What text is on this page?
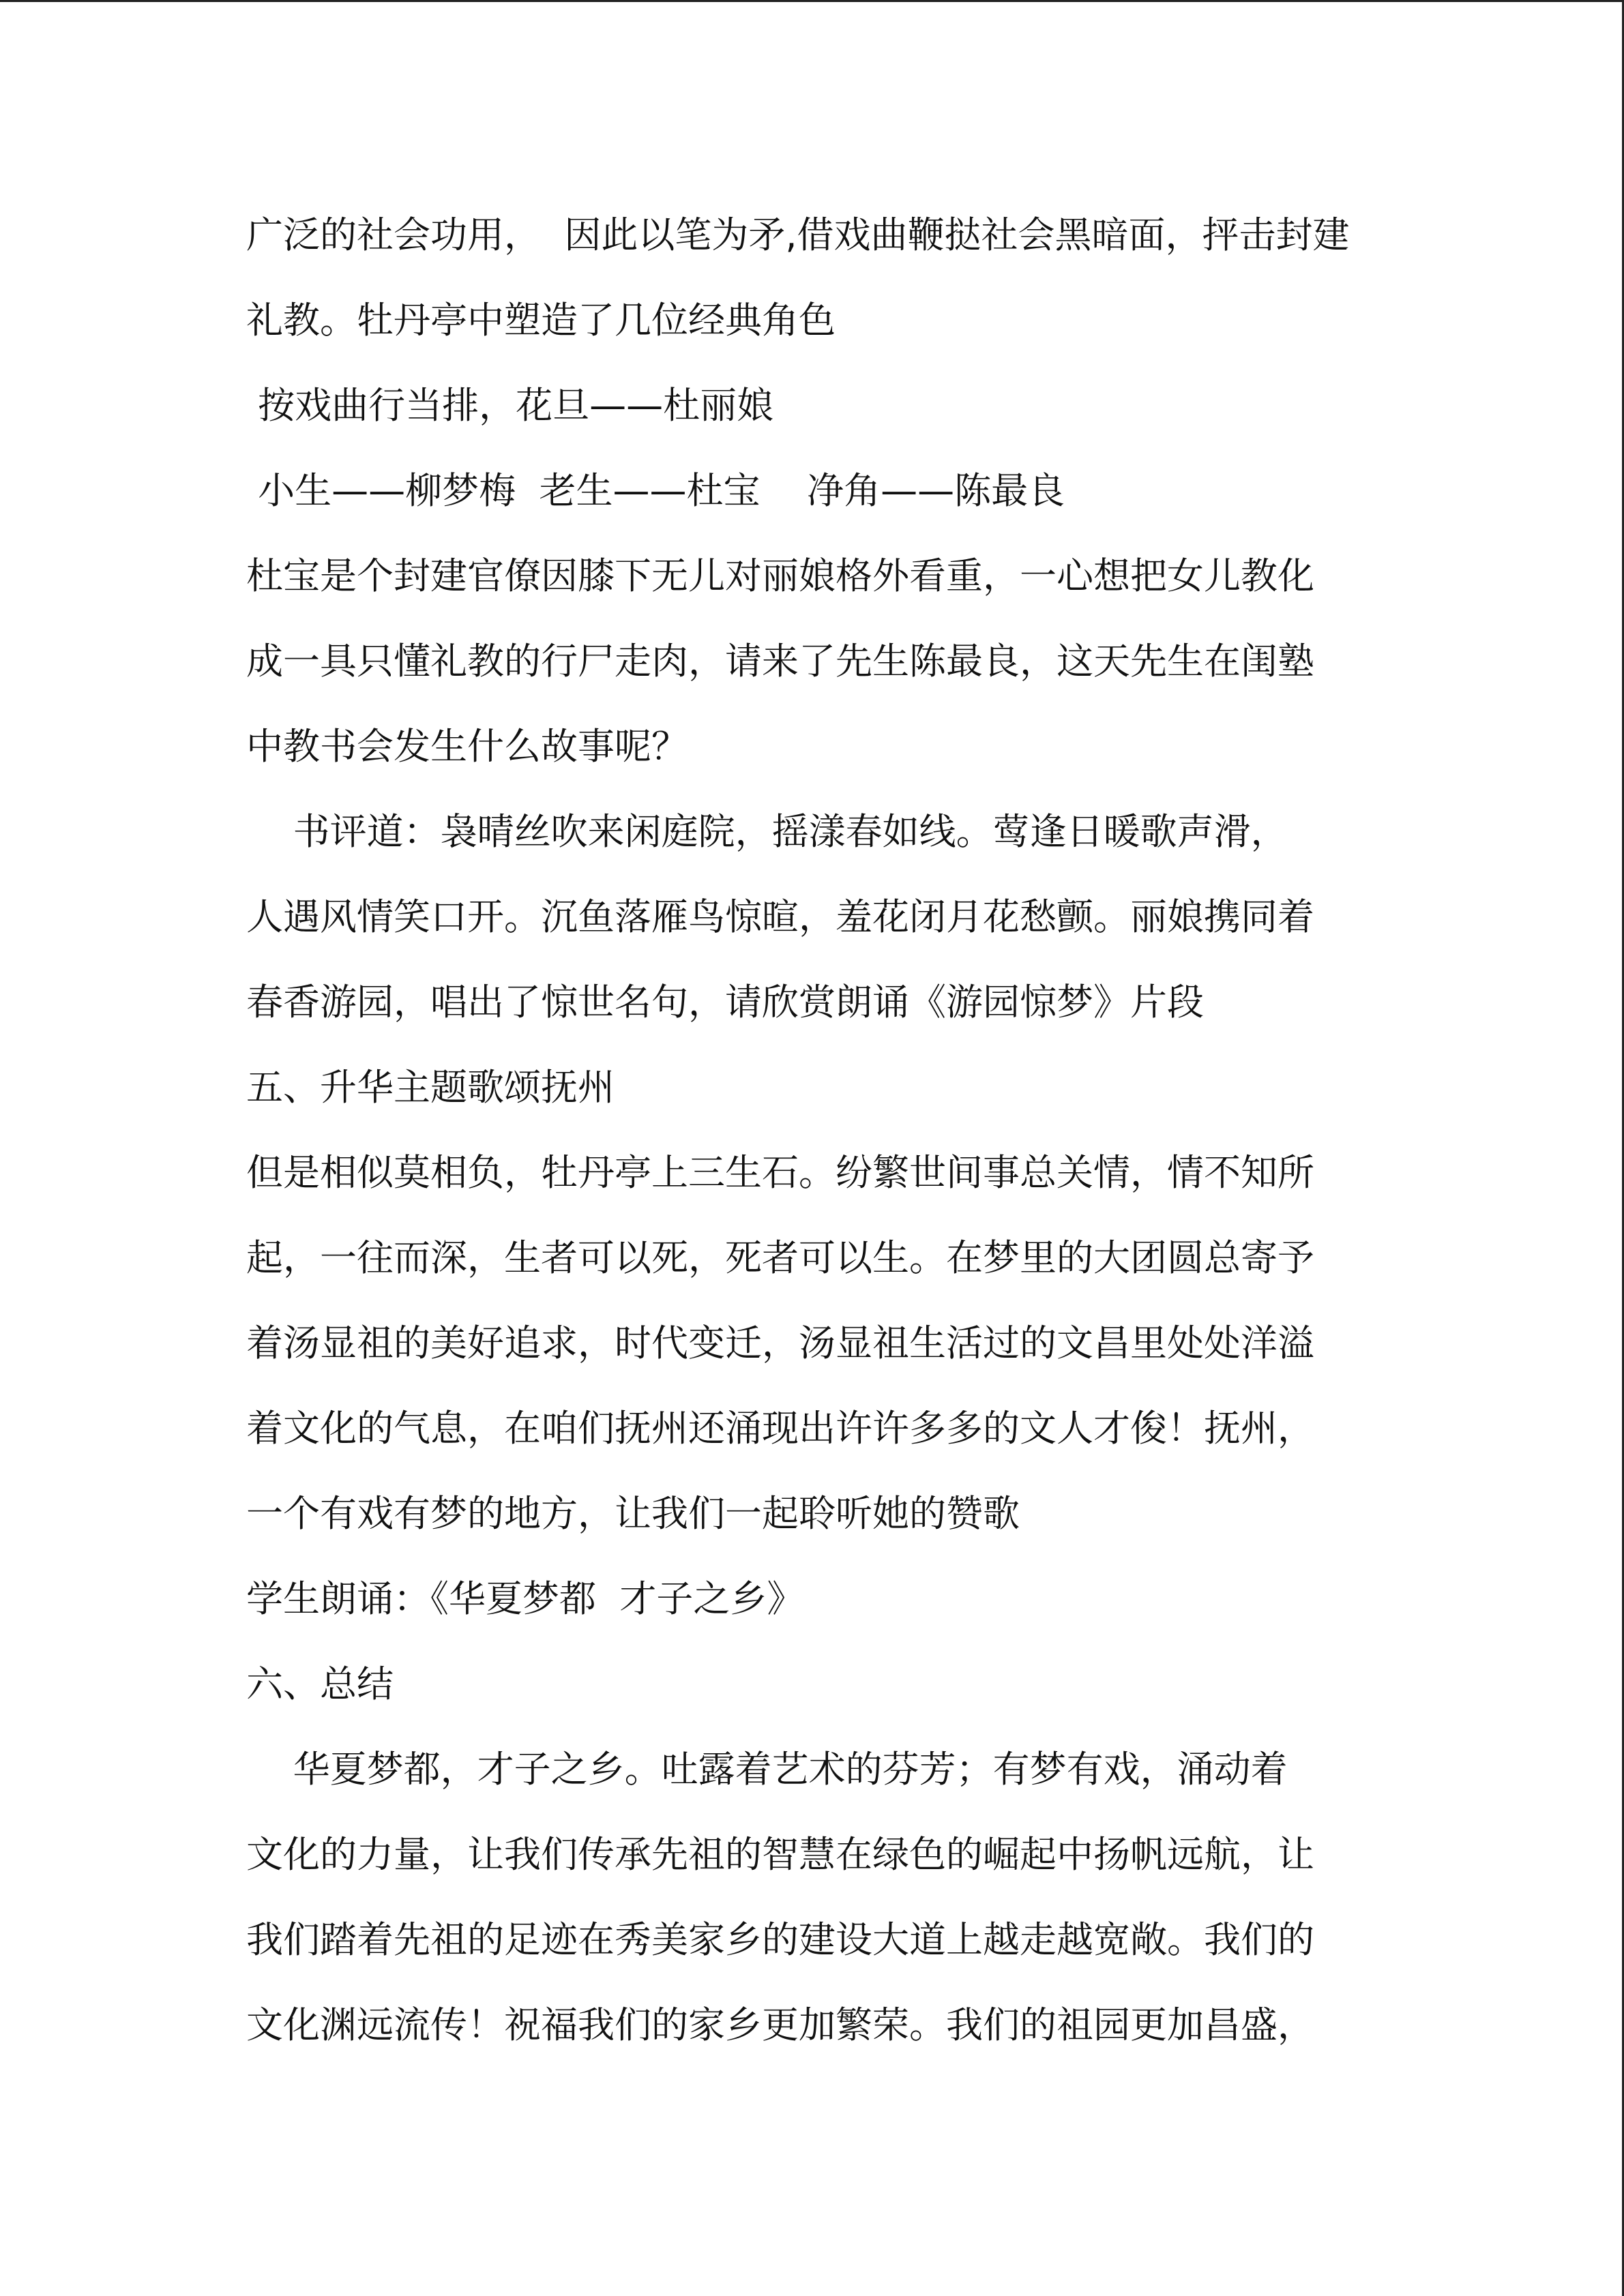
广泛的社会功用，  因此以笔为矛,借戏曲鞭挞社会黑暗面，抨击封建
礼教。牡丹亭中塑造了几位经典角色
按戏曲行当排，花旦——杜丽娘
小生——柳梦梅  老生——杜宝    净角——陈最良
杜宝是个封建官僚因膝下无儿对丽娘格外看重，一心想把女儿教化
成一具只懂礼教的行尸走肉，请来了先生陈最良，这天先生在闺塾
中教书会发生什么故事呢？
书评道：袅晴丝吹来闲庭院，摇漾春如线。莺逢日暖歌声滑，
人遇风情笑口开。沉鱼落雁鸟惊暄，羞花闭月花愁颤。丽娘携同着
春香游园，唱出了惊世名句，请欣赏朗诵《游园惊梦》片段
五、升华主题歌颂抚州
但是相似莫相负，牡丹亭上三生石。纷繁世间事总关情，情不知所
起，一往而深，生者可以死，死者可以生。在梦里的大团圆总寄予
着汤显祖的美好追求，时代变迁，汤显祖生活过的文昌里处处洋溢
着文化的气息，在咱们抚州还涌现出许许多多的文人才俊！抚州，
一个有戏有梦的地方，让我们一起聆听她的赞歌
学生朗诵：《华夏梦都  才子之乡》
六、总结
华夏梦都，才子之乡。吐露着艺术的芬芳；有梦有戏，涌动着
文化的力量，让我们传承先祖的智慧在绿色的崛起中扬帆远航，让
我们踏着先祖的足迹在秀美家乡的建设大道上越走越宽敞。我们的
文化渊远流传！祝福我们的家乡更加繁荣。我们的祖园更加昌盛，
